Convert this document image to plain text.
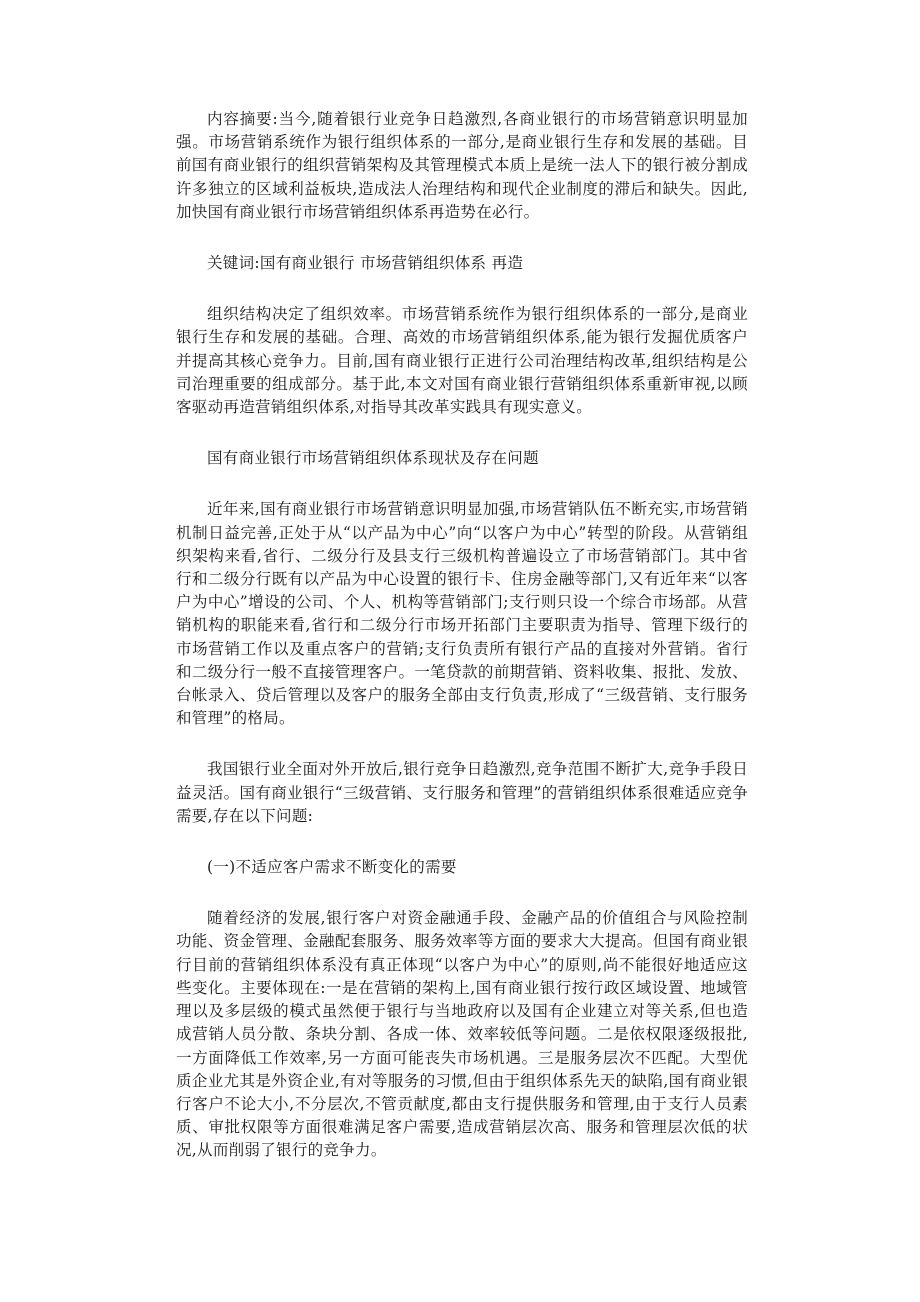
内容摘要:当今,随着银行业竞争日趋激烈,各商业银行的市场营销意识明显加强。市场营销系统作为银行组织体系的一部分,是商业银行生存和发展的基础。目前国有商业银行的组织营销架构及其管理模式本质上是统一法人下的银行被分割成许多独立的区域利益板块,造成法人治理结构和现代企业制度的滞后和缺失。因此,加快国有商业银行市场营销组织体系再造势在必行。

关键词:国有商业银行 市场营销组织体系 再造

组织结构决定了组织效率。市场营销系统作为银行组织体系的一部分,是商业银行生存和发展的基础。合理、高效的市场营销组织体系,能为银行发掘优质客户并提高其核心竞争力。目前,国有商业银行正进行公司治理结构改革,组织结构是公司治理重要的组成部分。基于此,本文对国有商业银行营销组织体系重新审视,以顾客驱动再造营销组织体系,对指导其改革实践具有现实意义。

国有商业银行市场营销组织体系现状及存在问题

近年来,国有商业银行市场营销意识明显加强,市场营销队伍不断充实,市场营销机制日益完善,正处于从“以产品为中心”向“以客户为中心”转型的阶段。从营销组织架构来看,省行、二级分行及县支行三级机构普遍设立了市场营销部门。其中省行和二级分行既有以产品为中心设置的银行卡、住房金融等部门,又有近年来“以客户为中心”增设的公司、个人、机构等营销部门;支行则只设一个综合市场部。从营销机构的职能来看,省行和二级分行市场开拓部门主要职责为指导、管理下级行的市场营销工作以及重点客户的营销;支行负责所有银行产品的直接对外营销。省行和二级分行一般不直接管理客户。一笔贷款的前期营销、资料收集、报批、发放、台帐录入、贷后管理以及客户的服务全部由支行负责,形成了“三级营销、支行服务和管理”的格局。

我国银行业全面对外开放后,银行竞争日趋激烈,竞争范围不断扩大,竞争手段日益灵活。国有商业银行“三级营销、支行服务和管理”的营销组织体系很难适应竞争需要,存在以下问题:

(一)不适应客户需求不断变化的需要

随着经济的发展,银行客户对资金融通手段、金融产品的价值组合与风险控制功能、资金管理、金融配套服务、服务效率等方面的要求大大提高。但国有商业银行目前的营销组织体系没有真正体现“以客户为中心”的原则,尚不能很好地适应这些变化。主要体现在:一是在营销的架构上,国有商业银行按行政区域设置、地域管理以及多层级的模式虽然便于银行与当地政府以及国有企业建立对等关系,但也造成营销人员分散、条块分割、各成一体、效率较低等问题。二是依权限逐级报批, 一方面降低工作效率,另一方面可能丧失市场机遇。三是服务层次不匹配。大型优质企业尤其是外资企业,有对等服务的习惯,但由于组织体系先天的缺陷,国有商业银行客户不论大小,不分层次,不管贡献度,都由支行提供服务和管理,由于支行人员素质、审批权限等方面很难满足客户需要,造成营销层次高、服务和管理层次低的状况,从而削弱了银行的竞争力。
